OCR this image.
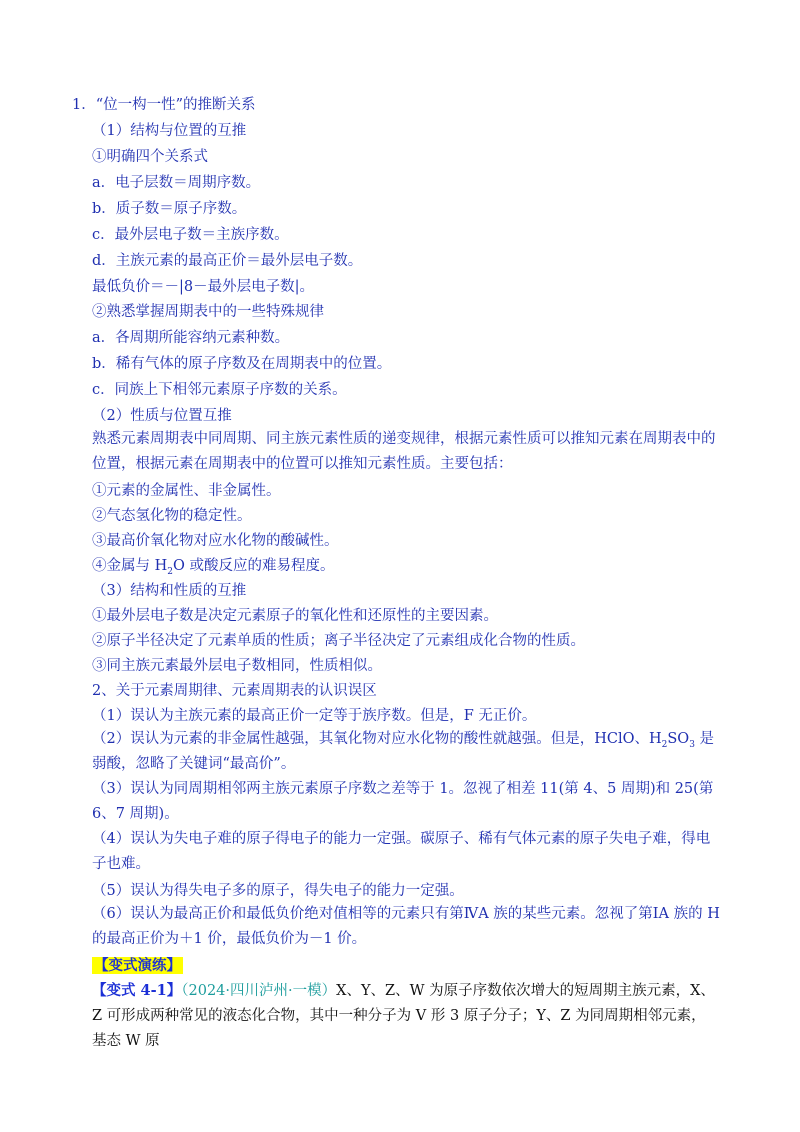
1．“位一构一性”的推断关系
（1）结构与位置的互推
①明确四个关系式
a．电子层数＝周期序数。
b．质子数＝原子序数。
c．最外层电子数＝主族序数。
d．主族元素的最高正价＝最外层电子数。
最低负价＝－|8－最外层电子数|。
②熟悉掌握周期表中的一些特殊规律
a．各周期所能容纳元素种数。
b．稀有气体的原子序数及在周期表中的位置。
c．同族上下相邻元素原子序数的关系。
（2）性质与位置互推
熟悉元素周期表中同周期、同主族元素性质的递变规律，根据元素性质可以推知元素在周期表中的位置，根据元素在周期表中的位置可以推知元素性质。主要包括：
①元素的金属性、非金属性。
②气态氢化物的稳定性。
③最高价氧化物对应水化物的酸碱性。
④金属与 $H_2O$ 或酸反应的难易程度。
（3）结构和性质的互推
①最外层电子数是决定元素原子的氧化性和还原性的主要因素。
②原子半径决定了元素单质的性质；离子半径决定了元素组成化合物的性质。
③同主族元素最外层电子数相同，性质相似。
2、关于元素周期律、元素周期表的认识误区
（1）误认为主族元素的最高正价一定等于族序数。但是，F 无正价。
（2）误认为元素的非金属性越强，其氧化物对应水化物的酸性就越强。但是，HClO、$H_2SO_3$ 是弱酸，忽略了关键词“最高价”。
（3）误认为同周期相邻两主族元素原子序数之差等于 1。忽视了相差 11(第 4、5 周期)和 25(第 6、7 周期)。
（4）误认为失电子难的原子得电子的能力一定强。碳原子、稀有气体元素的原子失电子难，得电子也难。
（5）误认为得失电子多的原子，得失电子的能力一定强。
（6）误认为最高正价和最低负价绝对值相等的元素只有第ⅣA 族的某些元素。忽视了第ⅠA 族的 H 的最高正价为＋1 价，最低负价为－1 价。
【变式演练】
【变式 4-1】（2024·四川泸州·一模）X、Y、Z、W 为原子序数依次增大的短周期主族元素，X、Z 可形成两种常见的液态化合物，其中一种分子为 V 形 3 原子分子；Y、Z 为同周期相邻元素，基态 W 原
